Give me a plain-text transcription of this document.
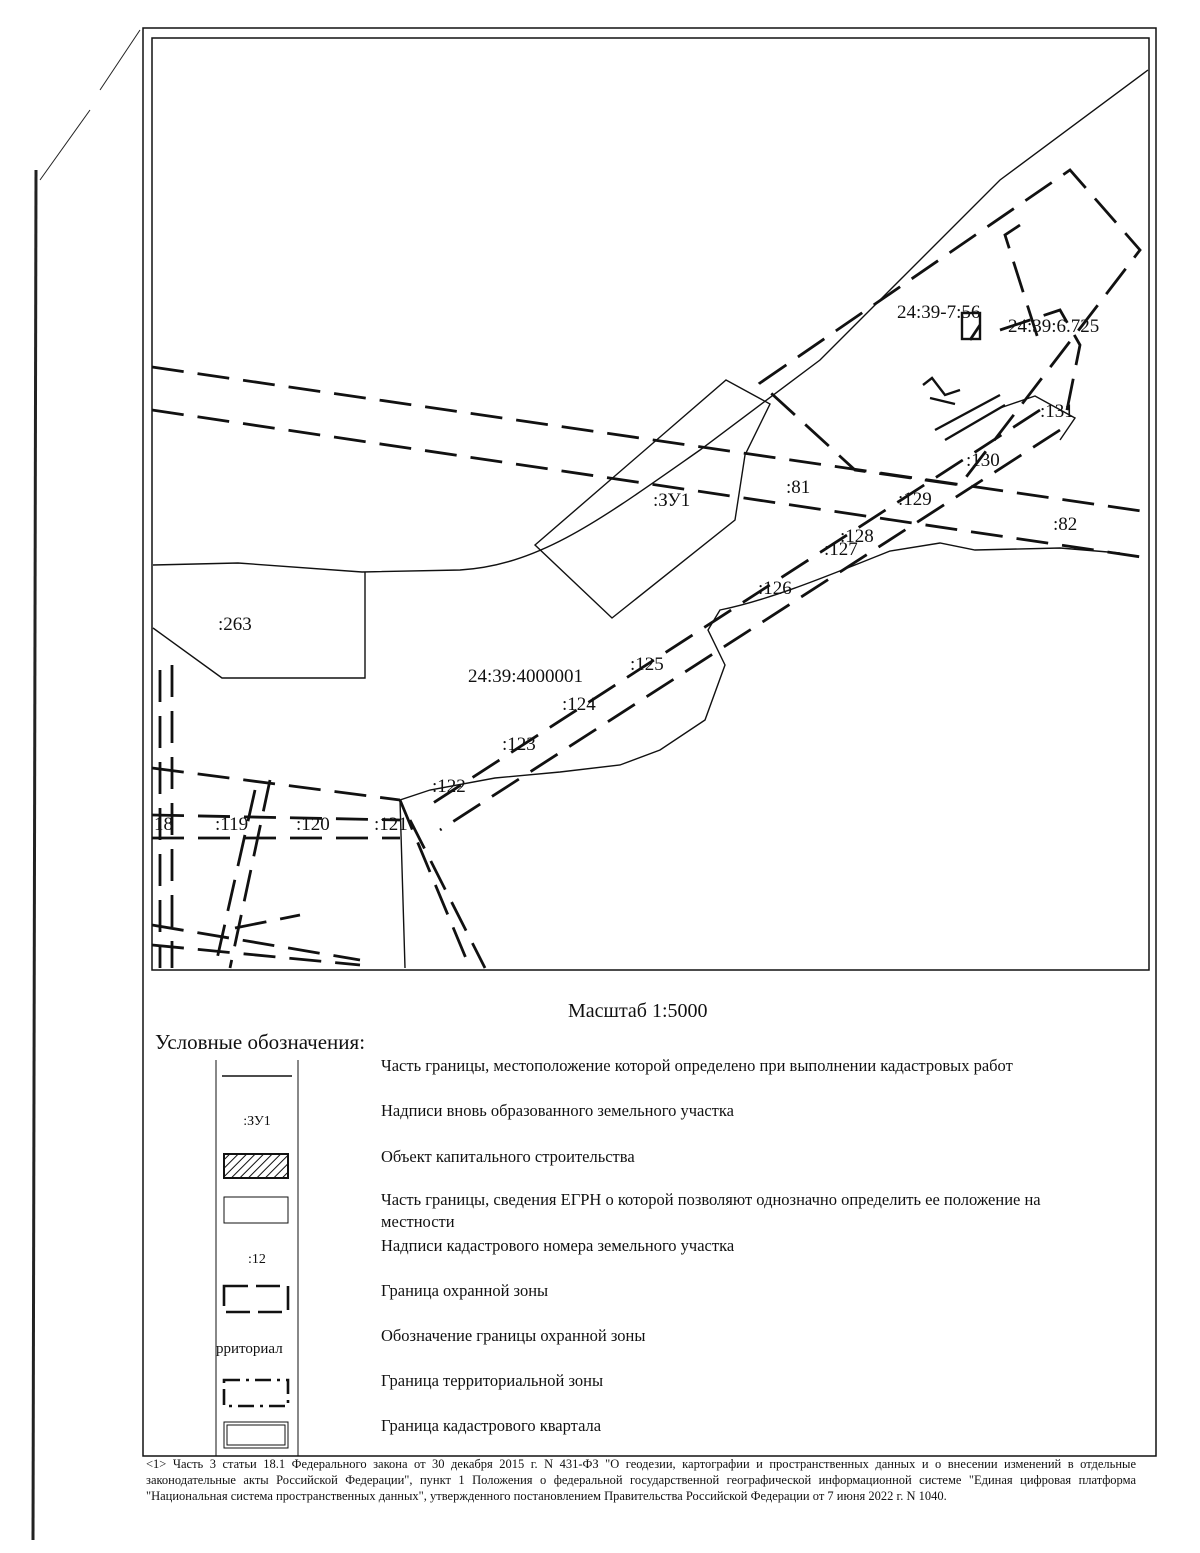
:ЗУ1
:81
:82
:263
24:39:4000001
24:39-7:56
24:39:6.725
:131
:130
:129
:128
:127
:126
:125
:124
:123
:122
:121
:120
:119
18
Масштаб 1:5000
Условные обозначения:
:ЗУ1
:12
рриториал
Часть границы, местоположение которой определено при выполнении кадастровых работ
Надписи вновь образованного земельного участка
Объект капитального строительства
Часть границы, сведения ЕГРН о которой позволяют однозначно определить ее положение на местности
Надписи кадастрового номера земельного участка
Граница охранной зоны
Обозначение границы охранной зоны
Граница территориальной зоны
Граница кадастрового квартала
<1> Часть 3 статьи 18.1 Федерального закона от 30 декабря 2015 г. N 431-ФЗ "О геодезии, картографии и пространственных данных и о внесении изменений в отдельные законодательные акты Российской Федерации", пункт 1 Положения о федеральной государственной географической информационной системе "Единая цифровая платформа "Национальная система пространственных данных", утвержденного постановлением Правительства Российской Федерации от 7 июня 2022 г. N 1040.
